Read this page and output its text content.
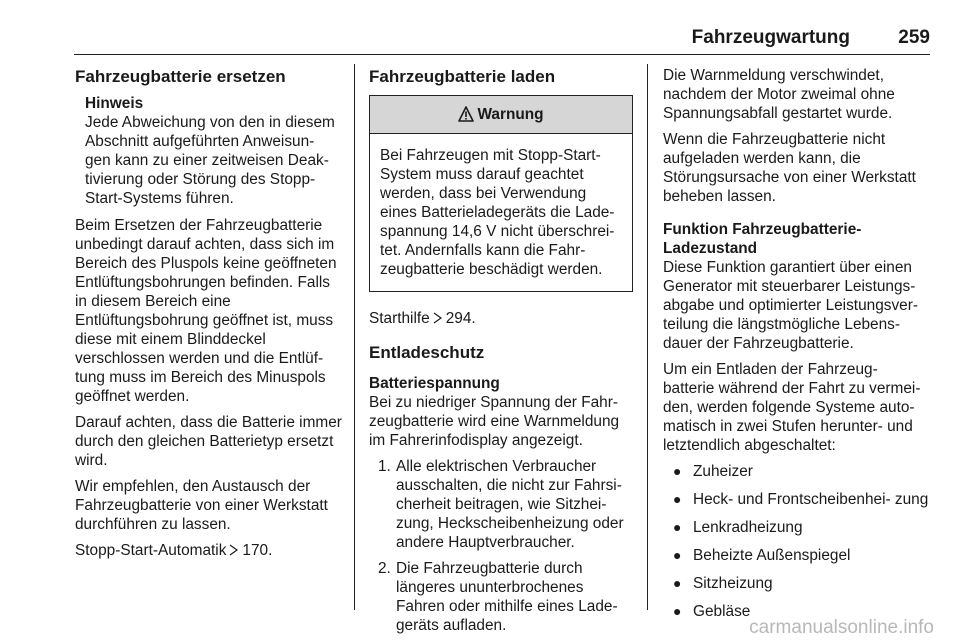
Fahrzeugwartung	259
Fahrzeugbatterie ersetzen
Hinweis
Jede Abweichung von den in diesem Abschnitt aufgeführten Anweisun- gen kann zu einer zeitweisen Deak- tivierung oder Störung des Stopp- Start-Systems führen.

Beim Ersetzen der Fahrzeugbatterie unbedingt darauf achten, dass sich im Bereich des Pluspols keine geöffneten Entlüftungsbohrungen befinden. Falls in diesem Bereich eine Entlüftungsbohrung geöffnet ist, muss diese mit einem Blinddeckel verschlossen werden und die Entlüf- tung muss im Bereich des Minuspols geöffnet werden.

Darauf achten, dass die Batterie immer durch den gleichen Batterietyp ersetzt wird.

Wir empfehlen, den Austausch der Fahrzeugbatterie von einer Werkstatt durchführen zu lassen.

Stopp-Start-Automatik 170.

Fahrzeugbatterie laden
Warnung
Bei Fahrzeugen mit Stopp-Start- System muss darauf geachtet werden, dass bei Verwendung eines Batterieladegeräts die Lade- spannung 14,6 V nicht überschrei- tet. Andernfalls kann die Fahr- zeugbatterie beschädigt werden.

Starthilfe 294.

Entladeschutz
Batteriespannung

Bei zu niedriger Spannung der Fahr- zeugbatterie wird eine Warnmeldung im Fahrerinfodisplay angezeigt.

1. Alle elektrischen Verbraucher ausschalten, die nicht zur Fahrsi- cherheit beitragen, wie Sitzhei- zung, Heckscheibenheizung oder andere Hauptverbraucher.
2. Die Fahrzeugbatterie durch längeres ununterbrochenes Fahren oder mithilfe eines Lade- geräts aufladen.

Die Warnmeldung verschwindet, nachdem der Motor zweimal ohne Spannungsabfall gestartet wurde.

Wenn die Fahrzeugbatterie nicht aufgeladen werden kann, die Störungsursache von einer Werkstatt beheben lassen.

Funktion Fahrzeugbatterie- Ladezustand

Diese Funktion garantiert über einen Generator mit steuerbarer Leistungs- abgabe und optimierter Leistungsver- teilung die längstmögliche Lebens- dauer der Fahrzeugbatterie.

Um ein Entladen der Fahrzeug- batterie während der Fahrt zu vermei- den, werden folgende Systeme auto- matisch in zwei Stufen herunter- und letztendlich abgeschaltet:

● Zuheizer
● Heck- und Frontscheibenhei- zung
● Lenkradheizung
● Beheizte Außenspiegel
● Sitzheizung
● Gebläse
carmanualsonline.info
